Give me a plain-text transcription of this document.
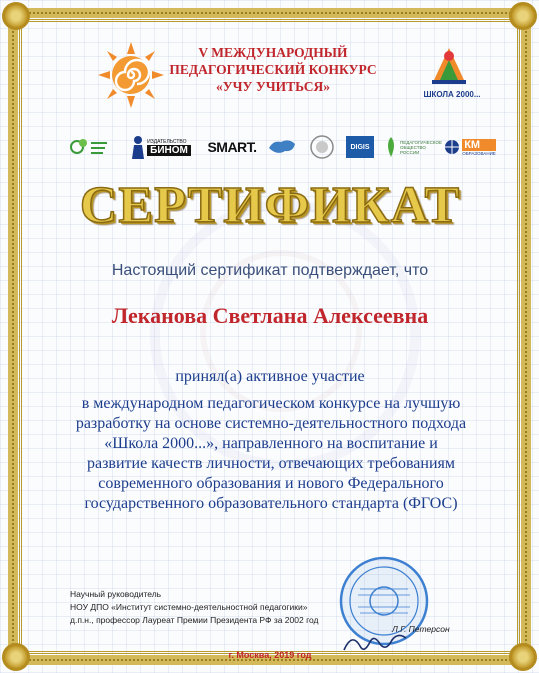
V МЕЖДУНАРОДНЫЙ
ПЕДАГОГИЧЕСКИЙ КОНКУРС
«УЧУ УЧИТЬСЯ»
ШКОЛА 2000...
ИЗДАТЕЛЬСТВО
БИНОМ SMART.	DIGIS
ПЕДАГОГИЧЕСКОЕ ОБЩЕСТВО РОССИИ
КМ
ОБРАЗОВАНИЕ
СЕРТИФИКАТ
Настоящий сертификат подтверждает, что
Леканова Светлана Алексеевна
принял(а) активное участие
в международном педагогическом конкурсе на лучшую
разработку на основе системно-деятельностного подхода
«Школа 2000...», направленного на воспитание и
развитие качеств личности, отвечающих требованиям
современного образования и нового Федерального
государственного образовательного стандарта (ФГОС)
Научный руководитель
НОУ ДПО «Институт системно-деятельностной педагогики»
д.п.н., профессор Лауреат Премии Президента РФ за 2002 год
Л.Г. Петерсон
г. Москва, 2019 год
